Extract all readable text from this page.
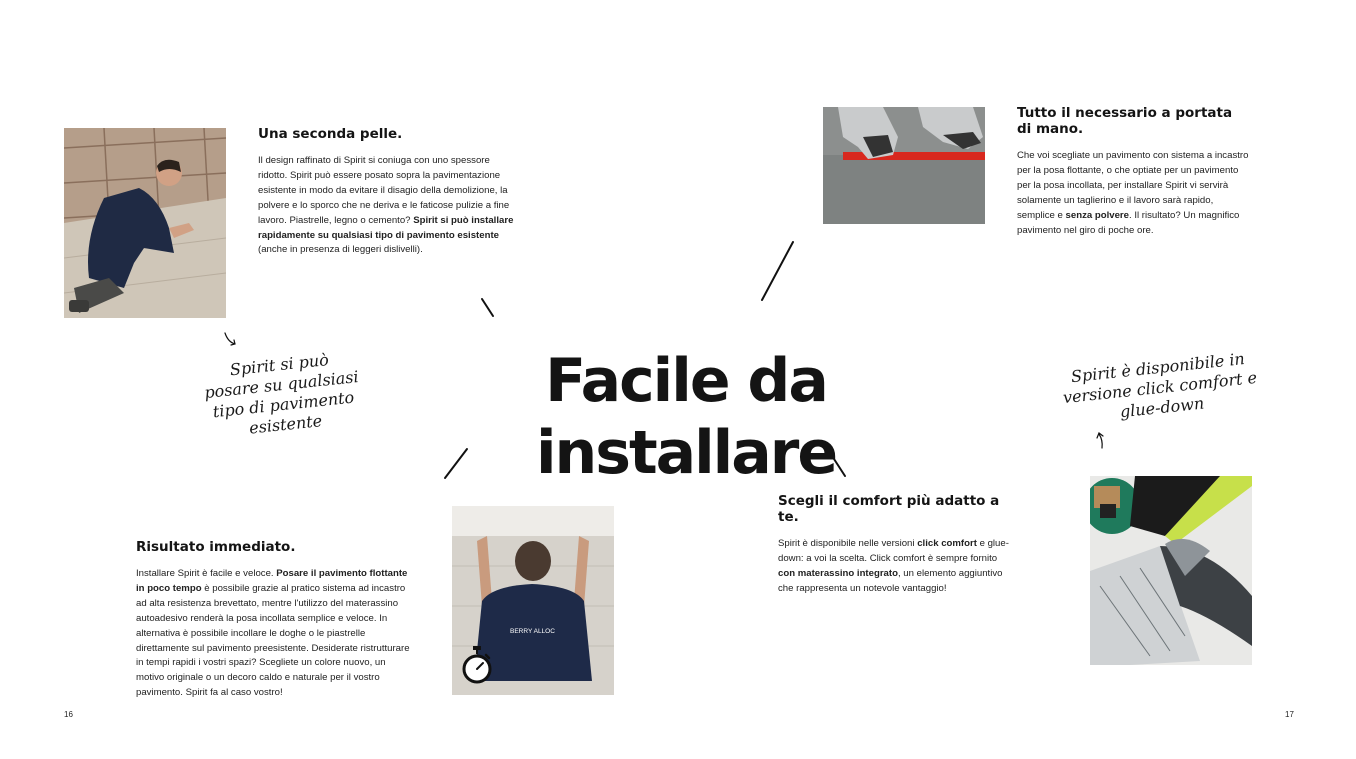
Facile da installare
Una seconda pelle.
Il design raffinato di Spirit si coniuga con uno spessore ridotto. Spirit può essere posato sopra la pavimentazione esistente in modo da evitare il disagio della demolizione, la polvere e lo sporco che ne deriva e le faticose pulizie a fine lavoro. Piastrelle, legno o cemento? Spirit si può installare rapidamente su qualsiasi tipo di pavimento esistente (anche in presenza di leggeri dislivelli).
Tutto il necessario a portata di mano.
Che voi scegliate un pavimento con sistema a incastro per la posa flottante, o che optiate per un pavimento per la posa incollata, per installare Spirit vi servirà solamente un taglierino e il lavoro sarà rapido, semplice e senza polvere. Il risultato? Un magnifico pavimento nel giro di poche ore.
Spirit si può posare su qualsiasi tipo di pavimento esistente
Spirit è disponibile in versione click comfort e glue-down
Scegli il comfort più adatto a te.
Spirit è disponibile nelle versioni click comfort e glue-down: a voi la scelta. Click comfort è sempre fornito con materassino integrato, un elemento aggiuntivo che rappresenta un notevole vantaggio!
BERRY ALLOC
Risultato immediato.
Installare Spirit è facile e veloce. Posare il pavimento flottante in poco tempo è possibile grazie al pratico sistema ad incastro ad alta resistenza brevettato, mentre l'utilizzo del materassino autoadesivo renderà la posa incollata semplice e veloce. In alternativa è possibile incollare le doghe o le piastrelle direttamente sul pavimento preesistente. Desiderate ristrutturare in tempi rapidi i vostri spazi? Scegliete un colore nuovo, un motivo originale o un decoro caldo e naturale per il vostro pavimento. Spirit fa al caso vostro!
16	17
